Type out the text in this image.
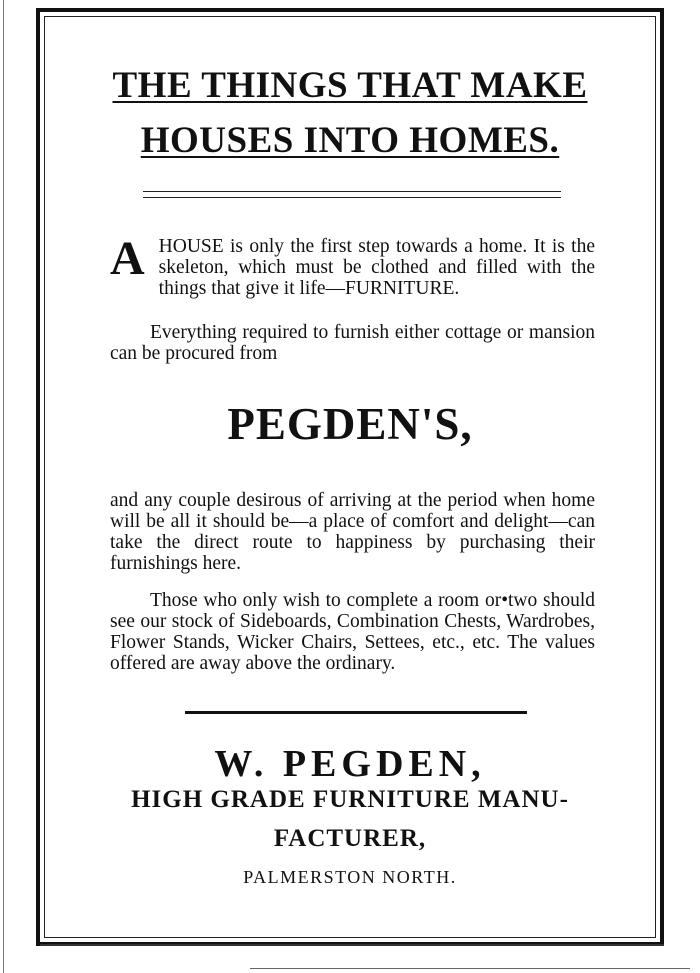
THE THINGS THAT MAKE
HOUSES INTO HOMES.
A HOUSE is only the first step towards a home. It is the skeleton, which must be clothed and filled with the things that give it life—FURNITURE.
Everything required to furnish either cottage or mansion can be procured from
PEGDEN'S,
and any couple desirous of arriving at the period when home will be all it should be—a place of comfort and delight—can take the direct route to happiness by purchasing their furnishings here.
Those who only wish to complete a room or•two should see our stock of Sideboards, Combination Chests, Wardrobes, Flower Stands, Wicker Chairs, Settees, etc., etc. The values offered are away above the ordinary.
W. PEGDEN,
HIGH GRADE FURNITURE MANU-
FACTURER,
PALMERSTON NORTH.
